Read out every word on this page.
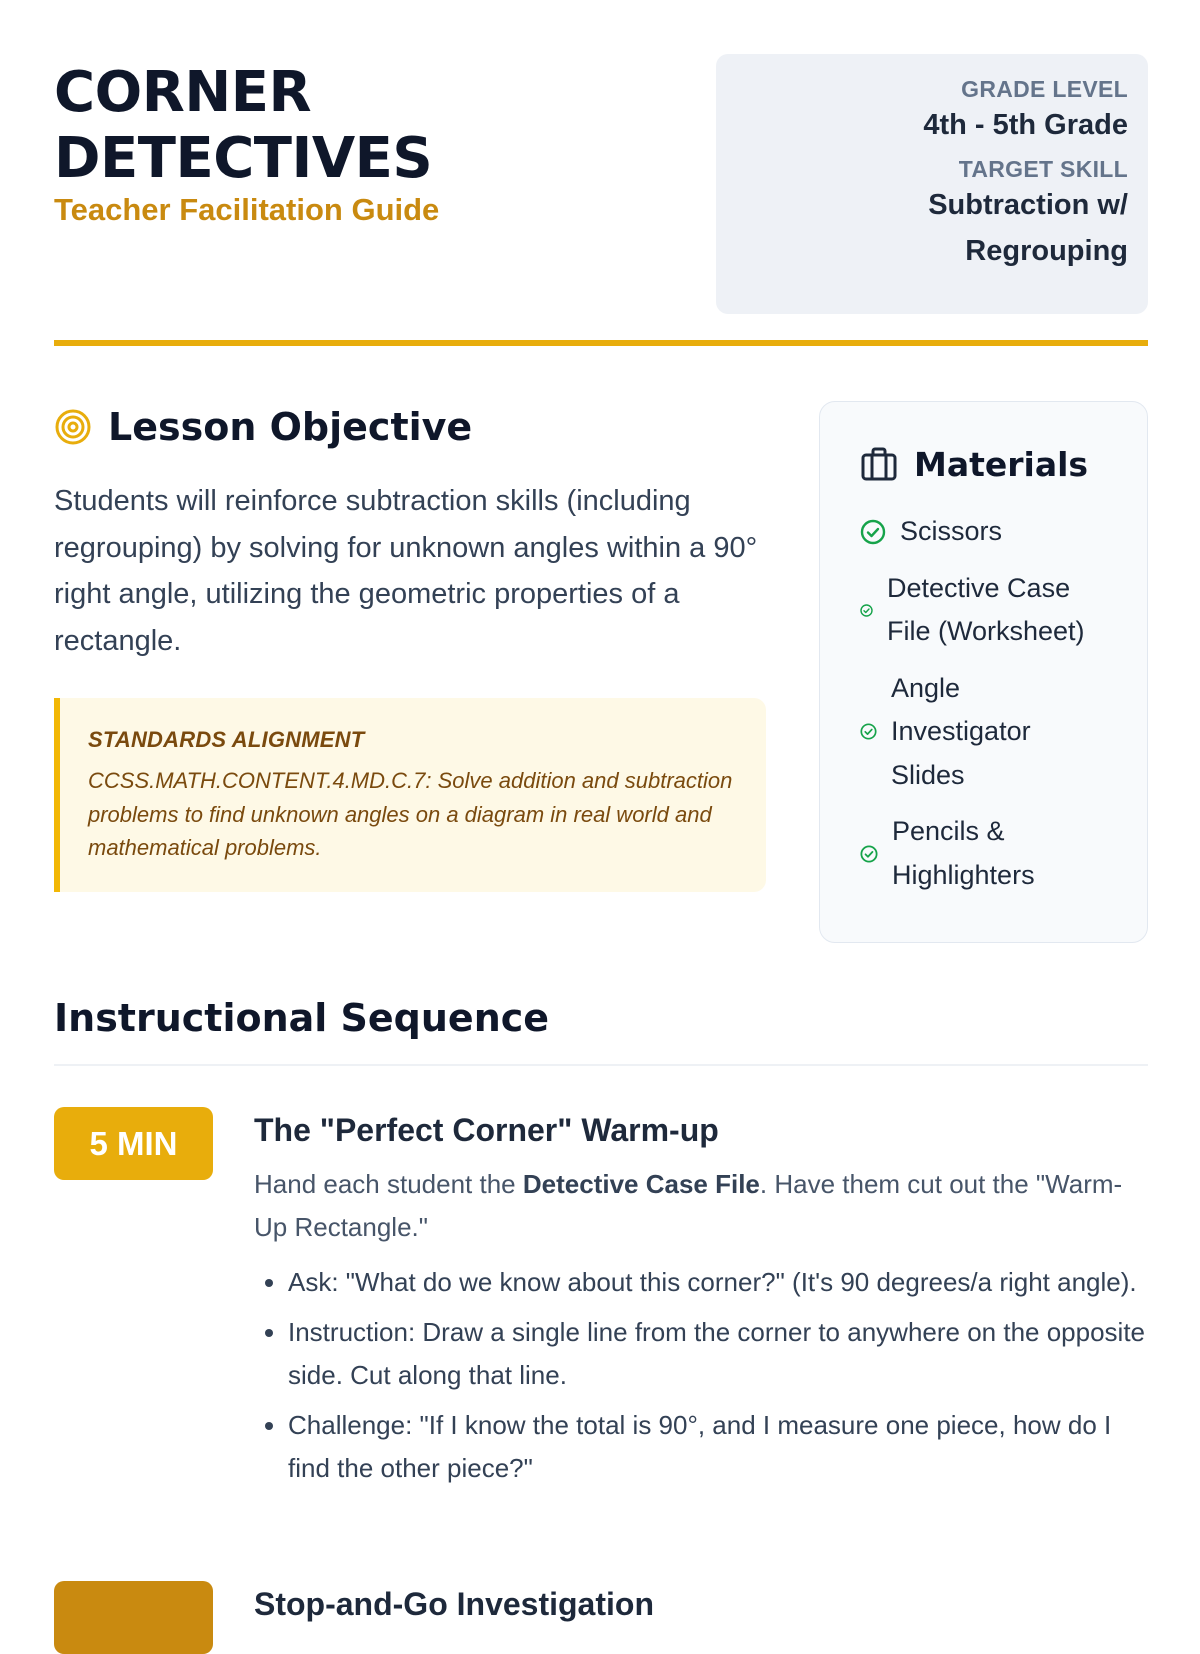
CORNER
DETECTIVES
Teacher Facilitation Guide
GRADE LEVEL
4th - 5th Grade
TARGET SKILL
Subtraction w/
Regrouping
Lesson Objective

Students will reinforce subtraction skills (including regrouping) by solving for unknown angles within a 90° right angle, utilizing the geometric properties of a rectangle.

STANDARDS ALIGNMENT
CCSS.MATH.CONTENT.4.MD.C.7: Solve addition and subtraction problems to find unknown angles on a diagram in real world and mathematical problems.
Materials
Scissors
Detective Case File (Worksheet)
Angle Investigator Slides
Pencils & Highlighters
Instructional Sequence
5 MIN	The "Perfect Corner" Warm-up

Hand each student the Detective Case File. Have them cut out the "Warm-Up Rectangle."

• Ask: "What do we know about this corner?" (It's 90 degrees/a right angle).
• Instruction: Draw a single line from the corner to anywhere on the opposite side. Cut along that line.
• Challenge: "If I know the total is 90°, and I measure one piece, how do I find the other piece?"
Stop-and-Go Investigation
